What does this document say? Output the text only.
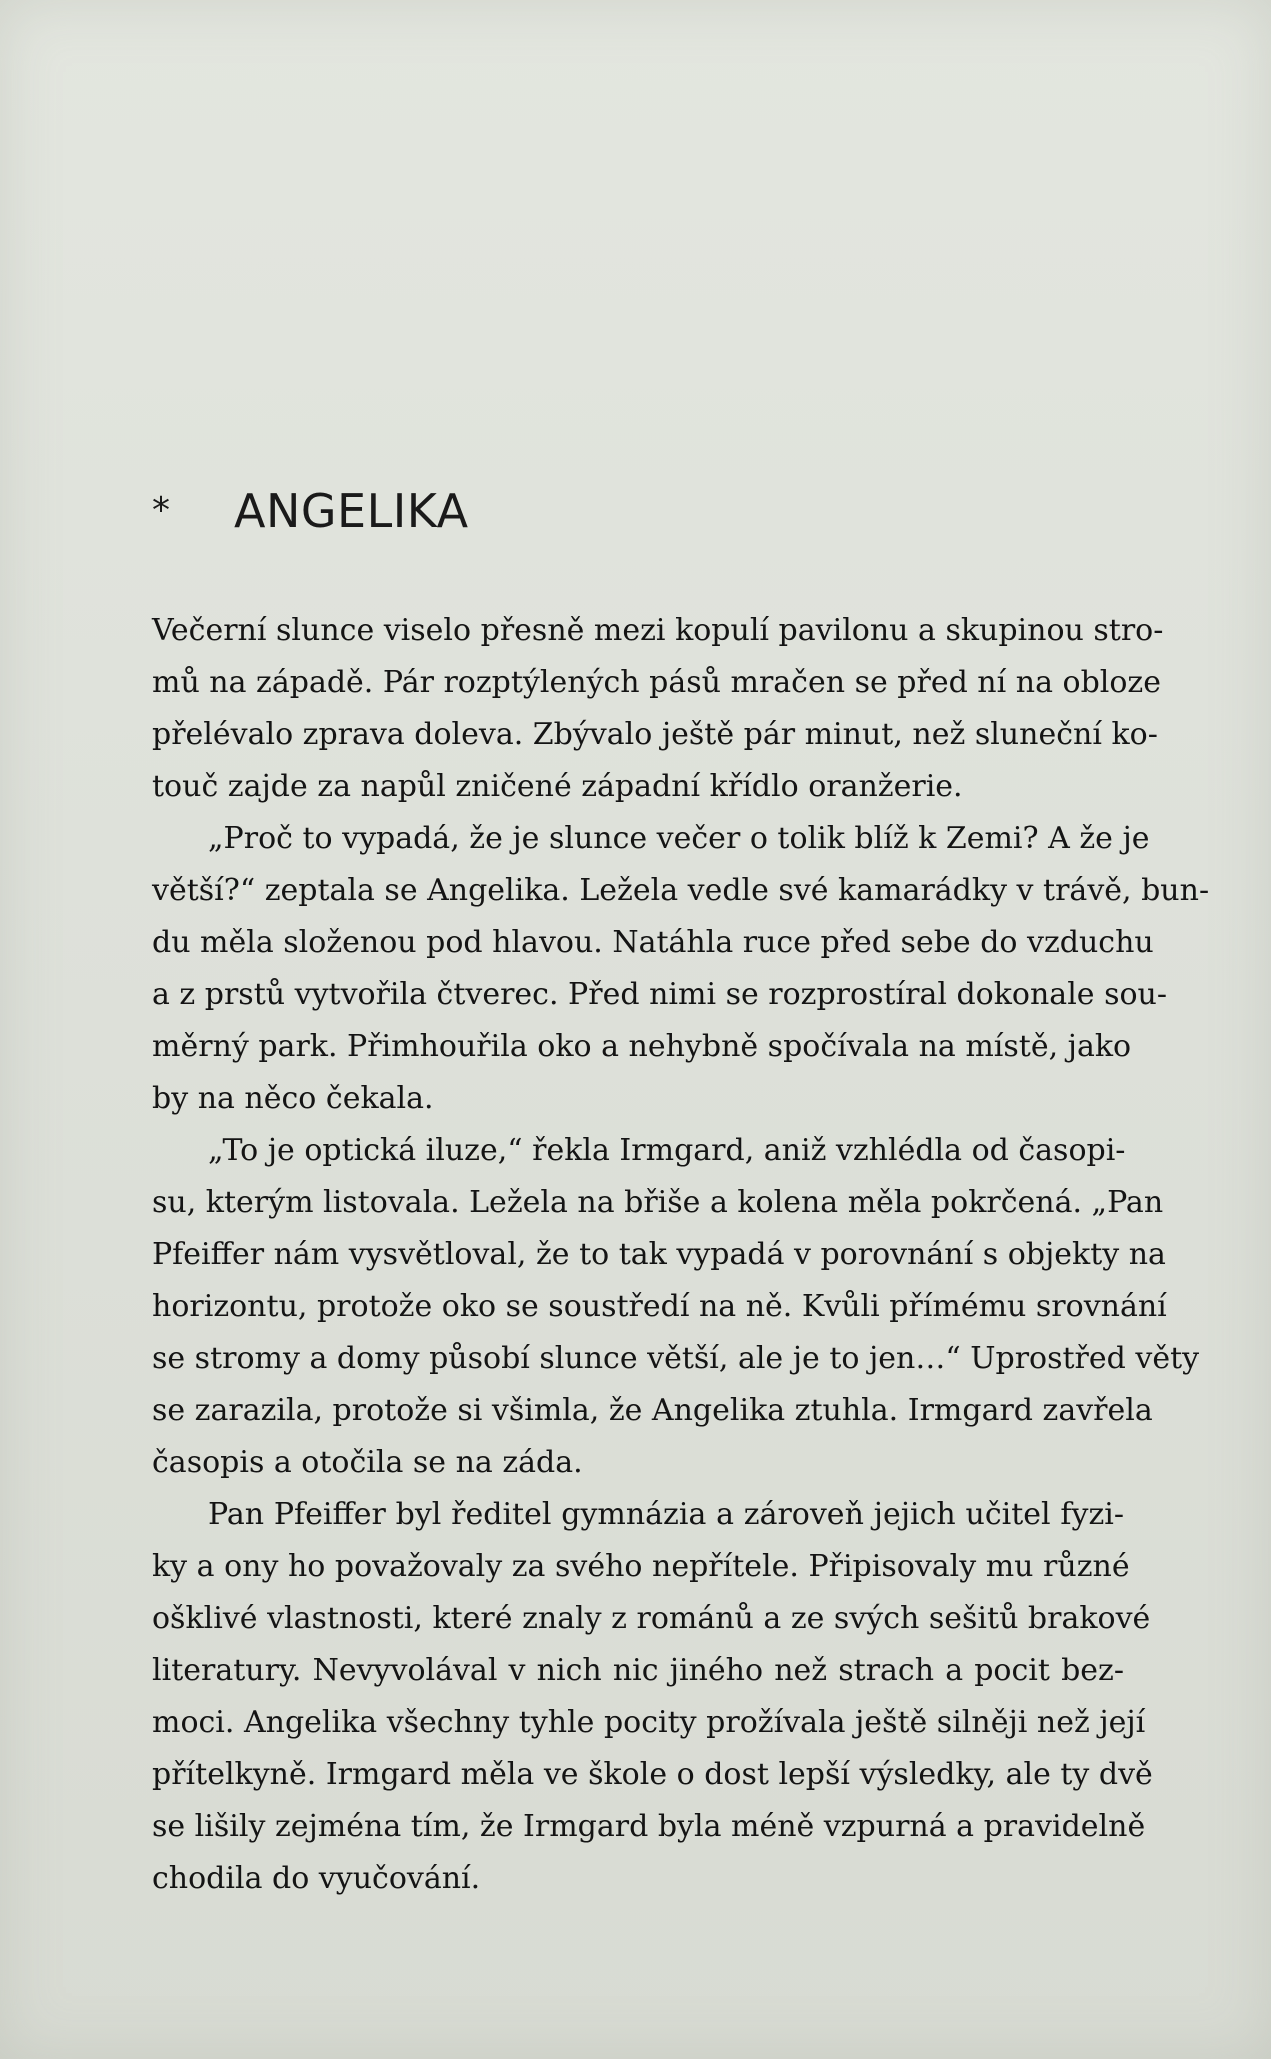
*	ANGELIKA

Večerní slunce viselo přesně mezi kopulí pavilonu a skupinou stro-
mů na západě. Pár rozptýlených pásů mračen se před ní na obloze
přelévalo zprava doleva. Zbývalo ještě pár minut, než sluneční ko-
touč zajde za napůl zničené západní křídlo oranžerie.

„Proč to vypadá, že je slunce večer o tolik blíž k Zemi? A že je
větší?“ zeptala se Angelika. Ležela vedle své kamarádky v trávě, bun-
du měla složenou pod hlavou. Natáhla ruce před sebe do vzduchu
a z prstů vytvořila čtverec. Před nimi se rozprostíral dokonale sou-
měrný park. Přimhouřila oko a nehybně spočívala na místě, jako
by na něco čekala.

„To je optická iluze,“ řekla Irmgard, aniž vzhlédla od časopi-
su, kterým listovala. Ležela na břiše a kolena měla pokrčená. „Pan
Pfeiffer nám vysvětloval, že to tak vypadá v porovnání s objekty na
horizontu, protože oko se soustředí na ně. Kvůli přímému srovnání
se stromy a domy působí slunce větší, ale je to jen…“ Uprostřed věty
se zarazila, protože si všimla, že Angelika ztuhla. Irmgard zavřela
časopis a otočila se na záda.

Pan Pfeiffer byl ředitel gymnázia a zároveň jejich učitel fyzi-
ky a ony ho považovaly za svého nepřítele. Připisovaly mu různé
ošklivé vlastnosti, které znaly z románů a ze svých sešitů brakové
literatury. Nevyvolával v nich nic jiného než strach a pocit bez-
moci. Angelika všechny tyhle pocity prožívala ještě silněji než její
přítelkyně. Irmgard měla ve škole o dost lepší výsledky, ale ty dvě
se lišily zejména tím, že Irmgard byla méně vzpurná a pravidelně
chodila do vyučování.
